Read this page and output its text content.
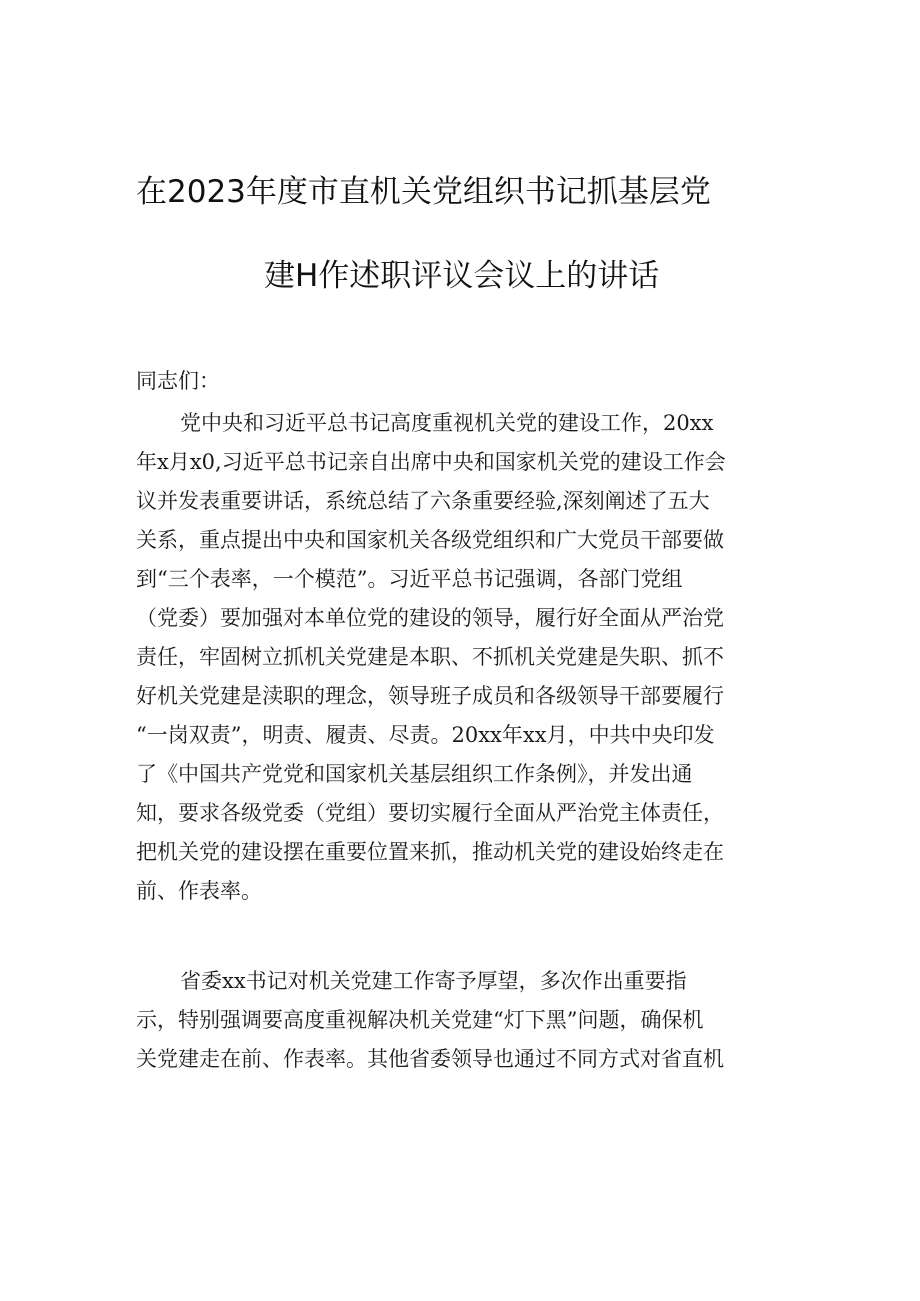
在2023年度市直机关党组织书记抓基层党
建H作述职评议会议上的讲话
同志们：
党中央和习近平总书记高度重视机关党的建设工作，20xx
年x月x0,习近平总书记亲自出席中央和国家机关党的建设工作会
议并发表重要讲话，系统总结了六条重要经验,深刻阐述了五大
关系，重点提出中央和国家机关各级党组织和广大党员干部要做
到“三个表率，一个模范”。习近平总书记强调，各部门党组
（党委）要加强对本单位党的建设的领导，履行好全面从严治党
责任，牢固树立抓机关党建是本职、不抓机关党建是失职、抓不
好机关党建是渎职的理念，领导班子成员和各级领导干部要履行
“一岗双责”，明责、履责、尽责。20xx年xx月，中共中央印发
了《中国共产党党和国家机关基层组织工作条例》，并发出通
知，要求各级党委（党组）要切实履行全面从严治党主体责任，
把机关党的建设摆在重要位置来抓，推动机关党的建设始终走在
前、作表率。
省委xx书记对机关党建工作寄予厚望，多次作出重要指
示，特别强调要高度重视解决机关党建“灯下黑”问题，确保机
关党建走在前、作表率。其他省委领导也通过不同方式对省直机
